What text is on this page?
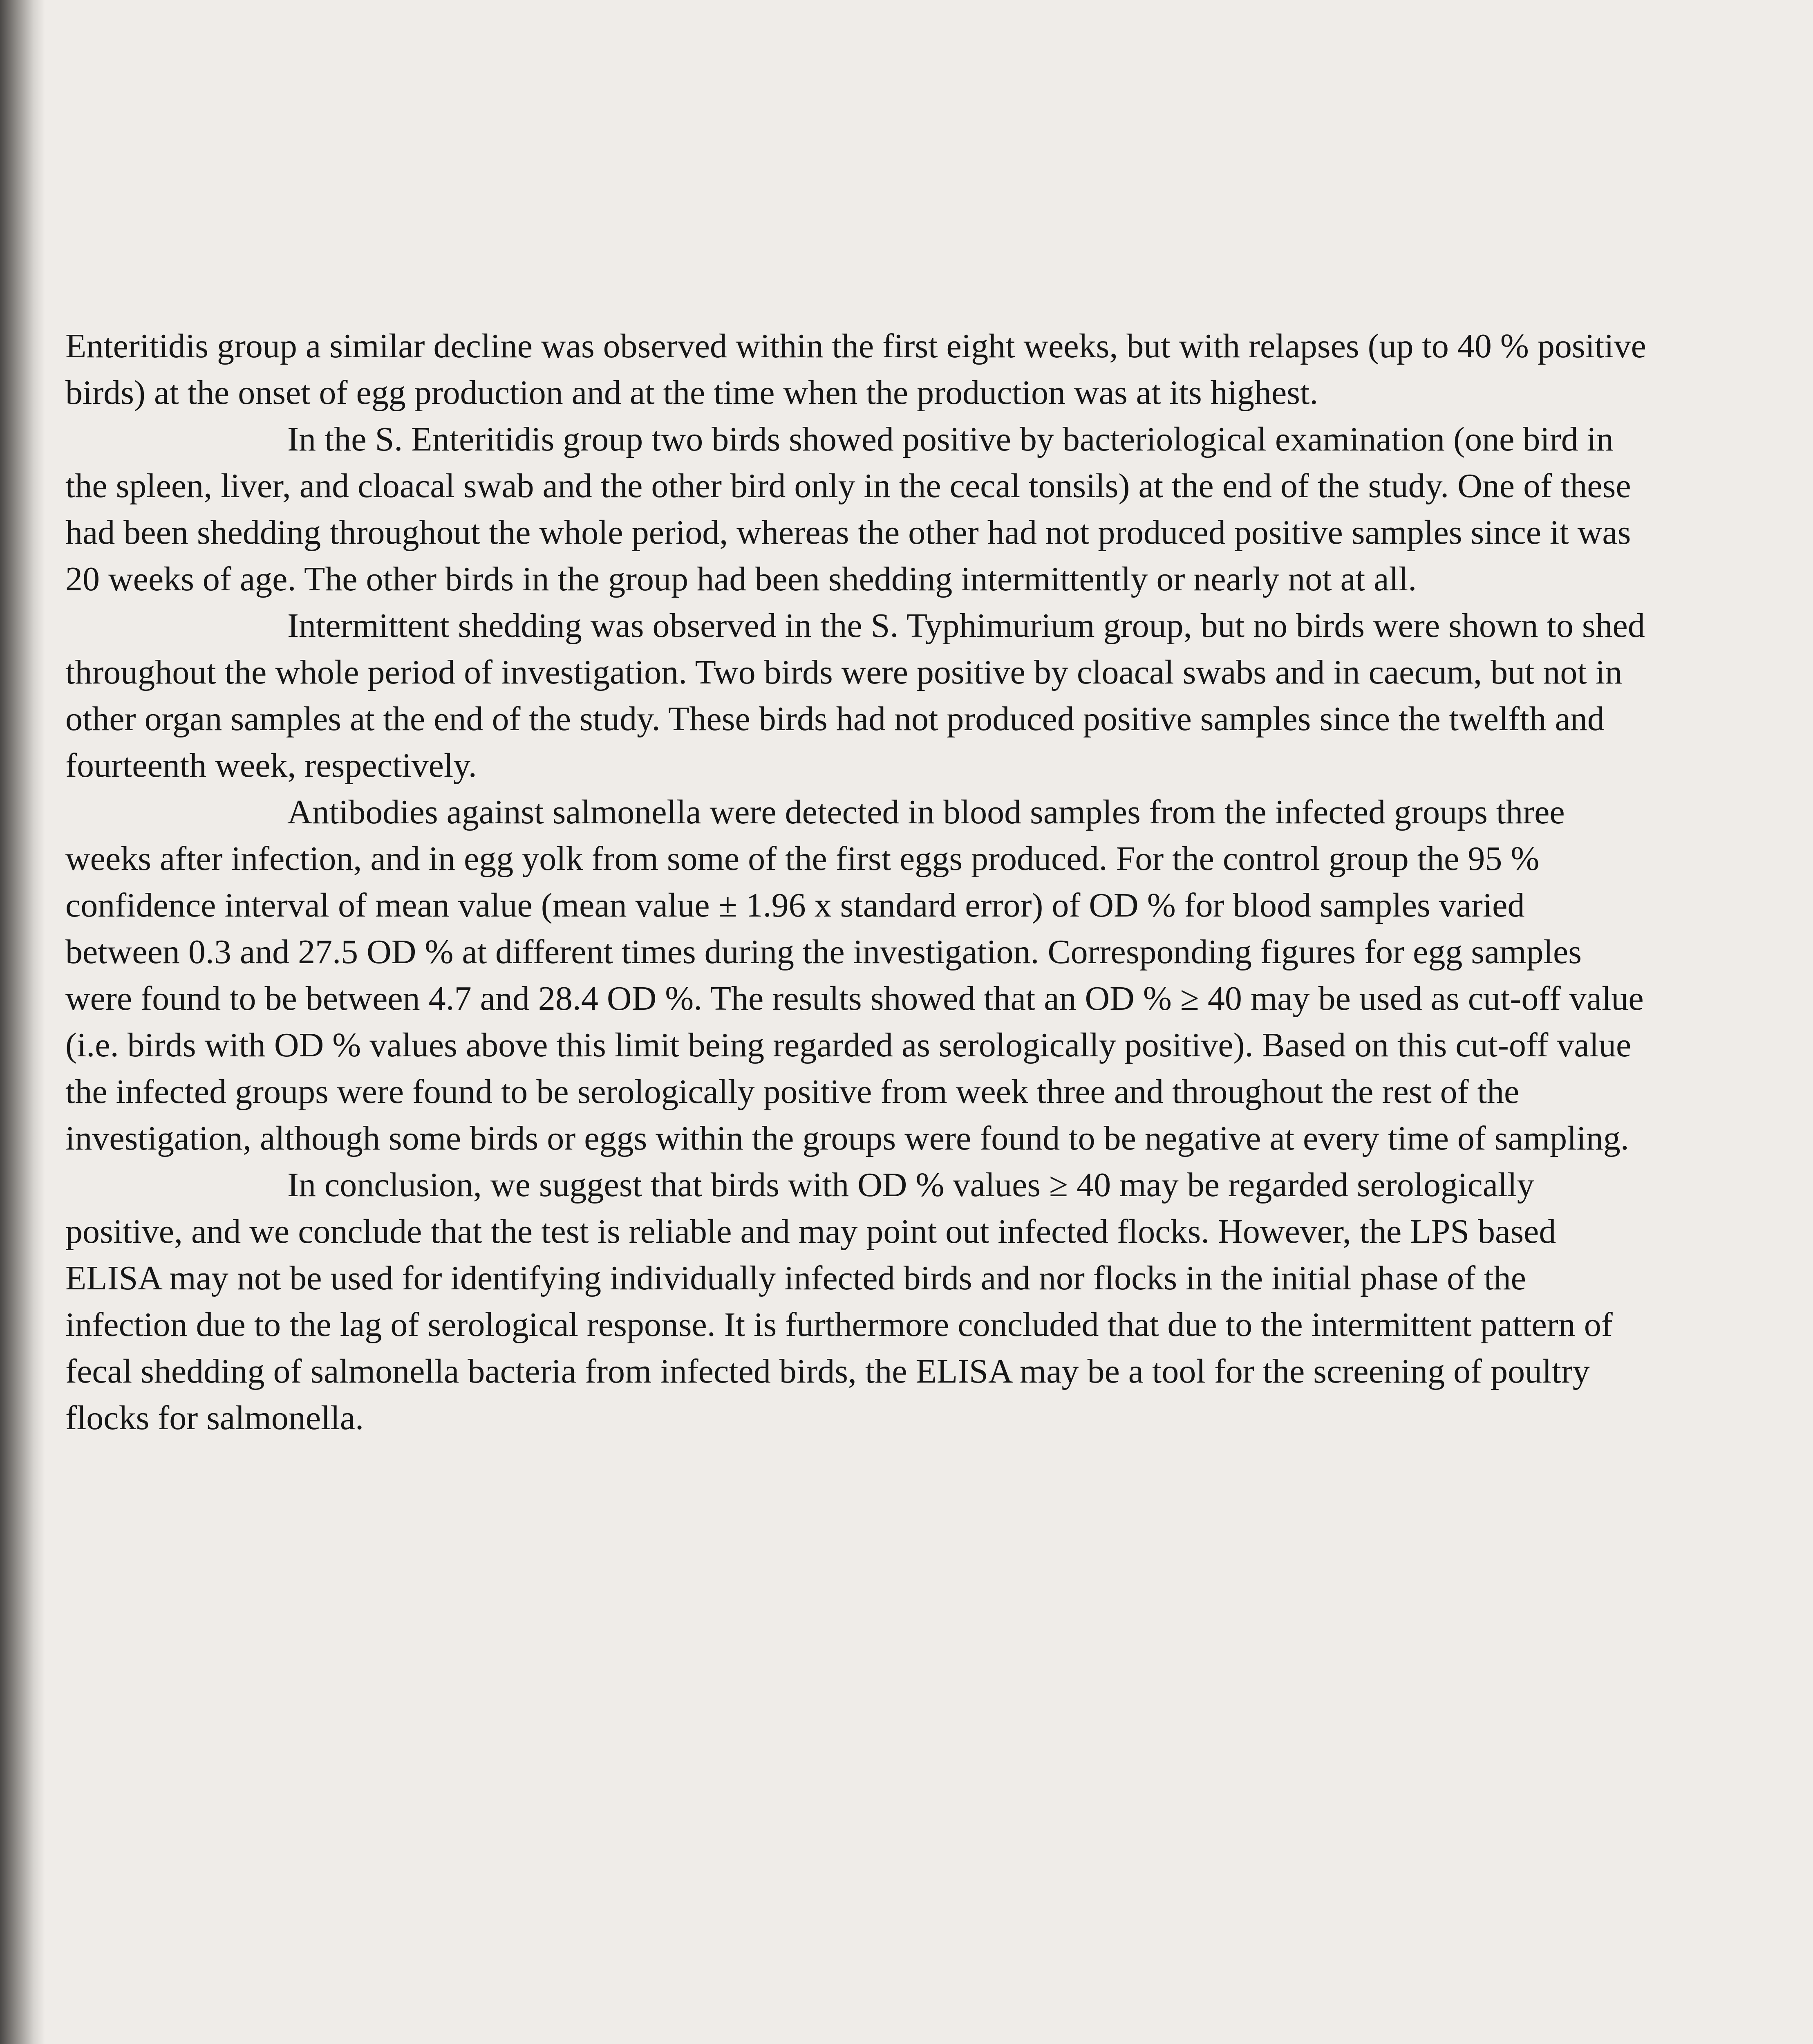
Enteritidis group a similar decline was observed within the first eight weeks, but with relapses (up to 40 % positive birds) at the onset of egg production and at the time when the production was at its highest.

In the S. Enteritidis group two birds showed positive by bacteriological examination (one bird in the spleen, liver, and cloacal swab and the other bird only in the cecal tonsils) at the end of the study. One of these had been shedding throughout the whole period, whereas the other had not produced positive samples since it was 20 weeks of age. The other birds in the group had been shedding intermittently or nearly not at all.

Intermittent shedding was observed in the S. Typhimurium group, but no birds were shown to shed throughout the whole period of investigation. Two birds were positive by cloacal swabs and in caecum, but not in other organ samples at the end of the study. These birds had not produced positive samples since the twelfth and fourteenth week, respectively.

Antibodies against salmonella were detected in blood samples from the infected groups three weeks after infection, and in egg yolk from some of the first eggs produced. For the control group the 95 % confidence interval of mean value (mean value ± 1.96 x standard error) of OD % for blood samples varied between 0.3 and 27.5 OD % at different times during the investigation. Corresponding figures for egg samples were found to be between 4.7 and 28.4 OD %. The results showed that an OD % ≥ 40 may be used as cut-off value (i.e. birds with OD % values above this limit being regarded as serologically positive). Based on this cut-off value the infected groups were found to be serologically positive from week three and throughout the rest of the investigation, although some birds or eggs within the groups were found to be negative at every time of sampling.

In conclusion, we suggest that birds with OD % values ≥ 40 may be regarded serologically positive, and we conclude that the test is reliable and may point out infected flocks. However, the LPS based ELISA may not be used for identifying individually infected birds and nor flocks in the initial phase of the infection due to the lag of serological response. It is furthermore concluded that due to the intermittent pattern of fecal shedding of salmonella bacteria from infected birds, the ELISA may be a tool for the screening of poultry flocks for salmonella.
